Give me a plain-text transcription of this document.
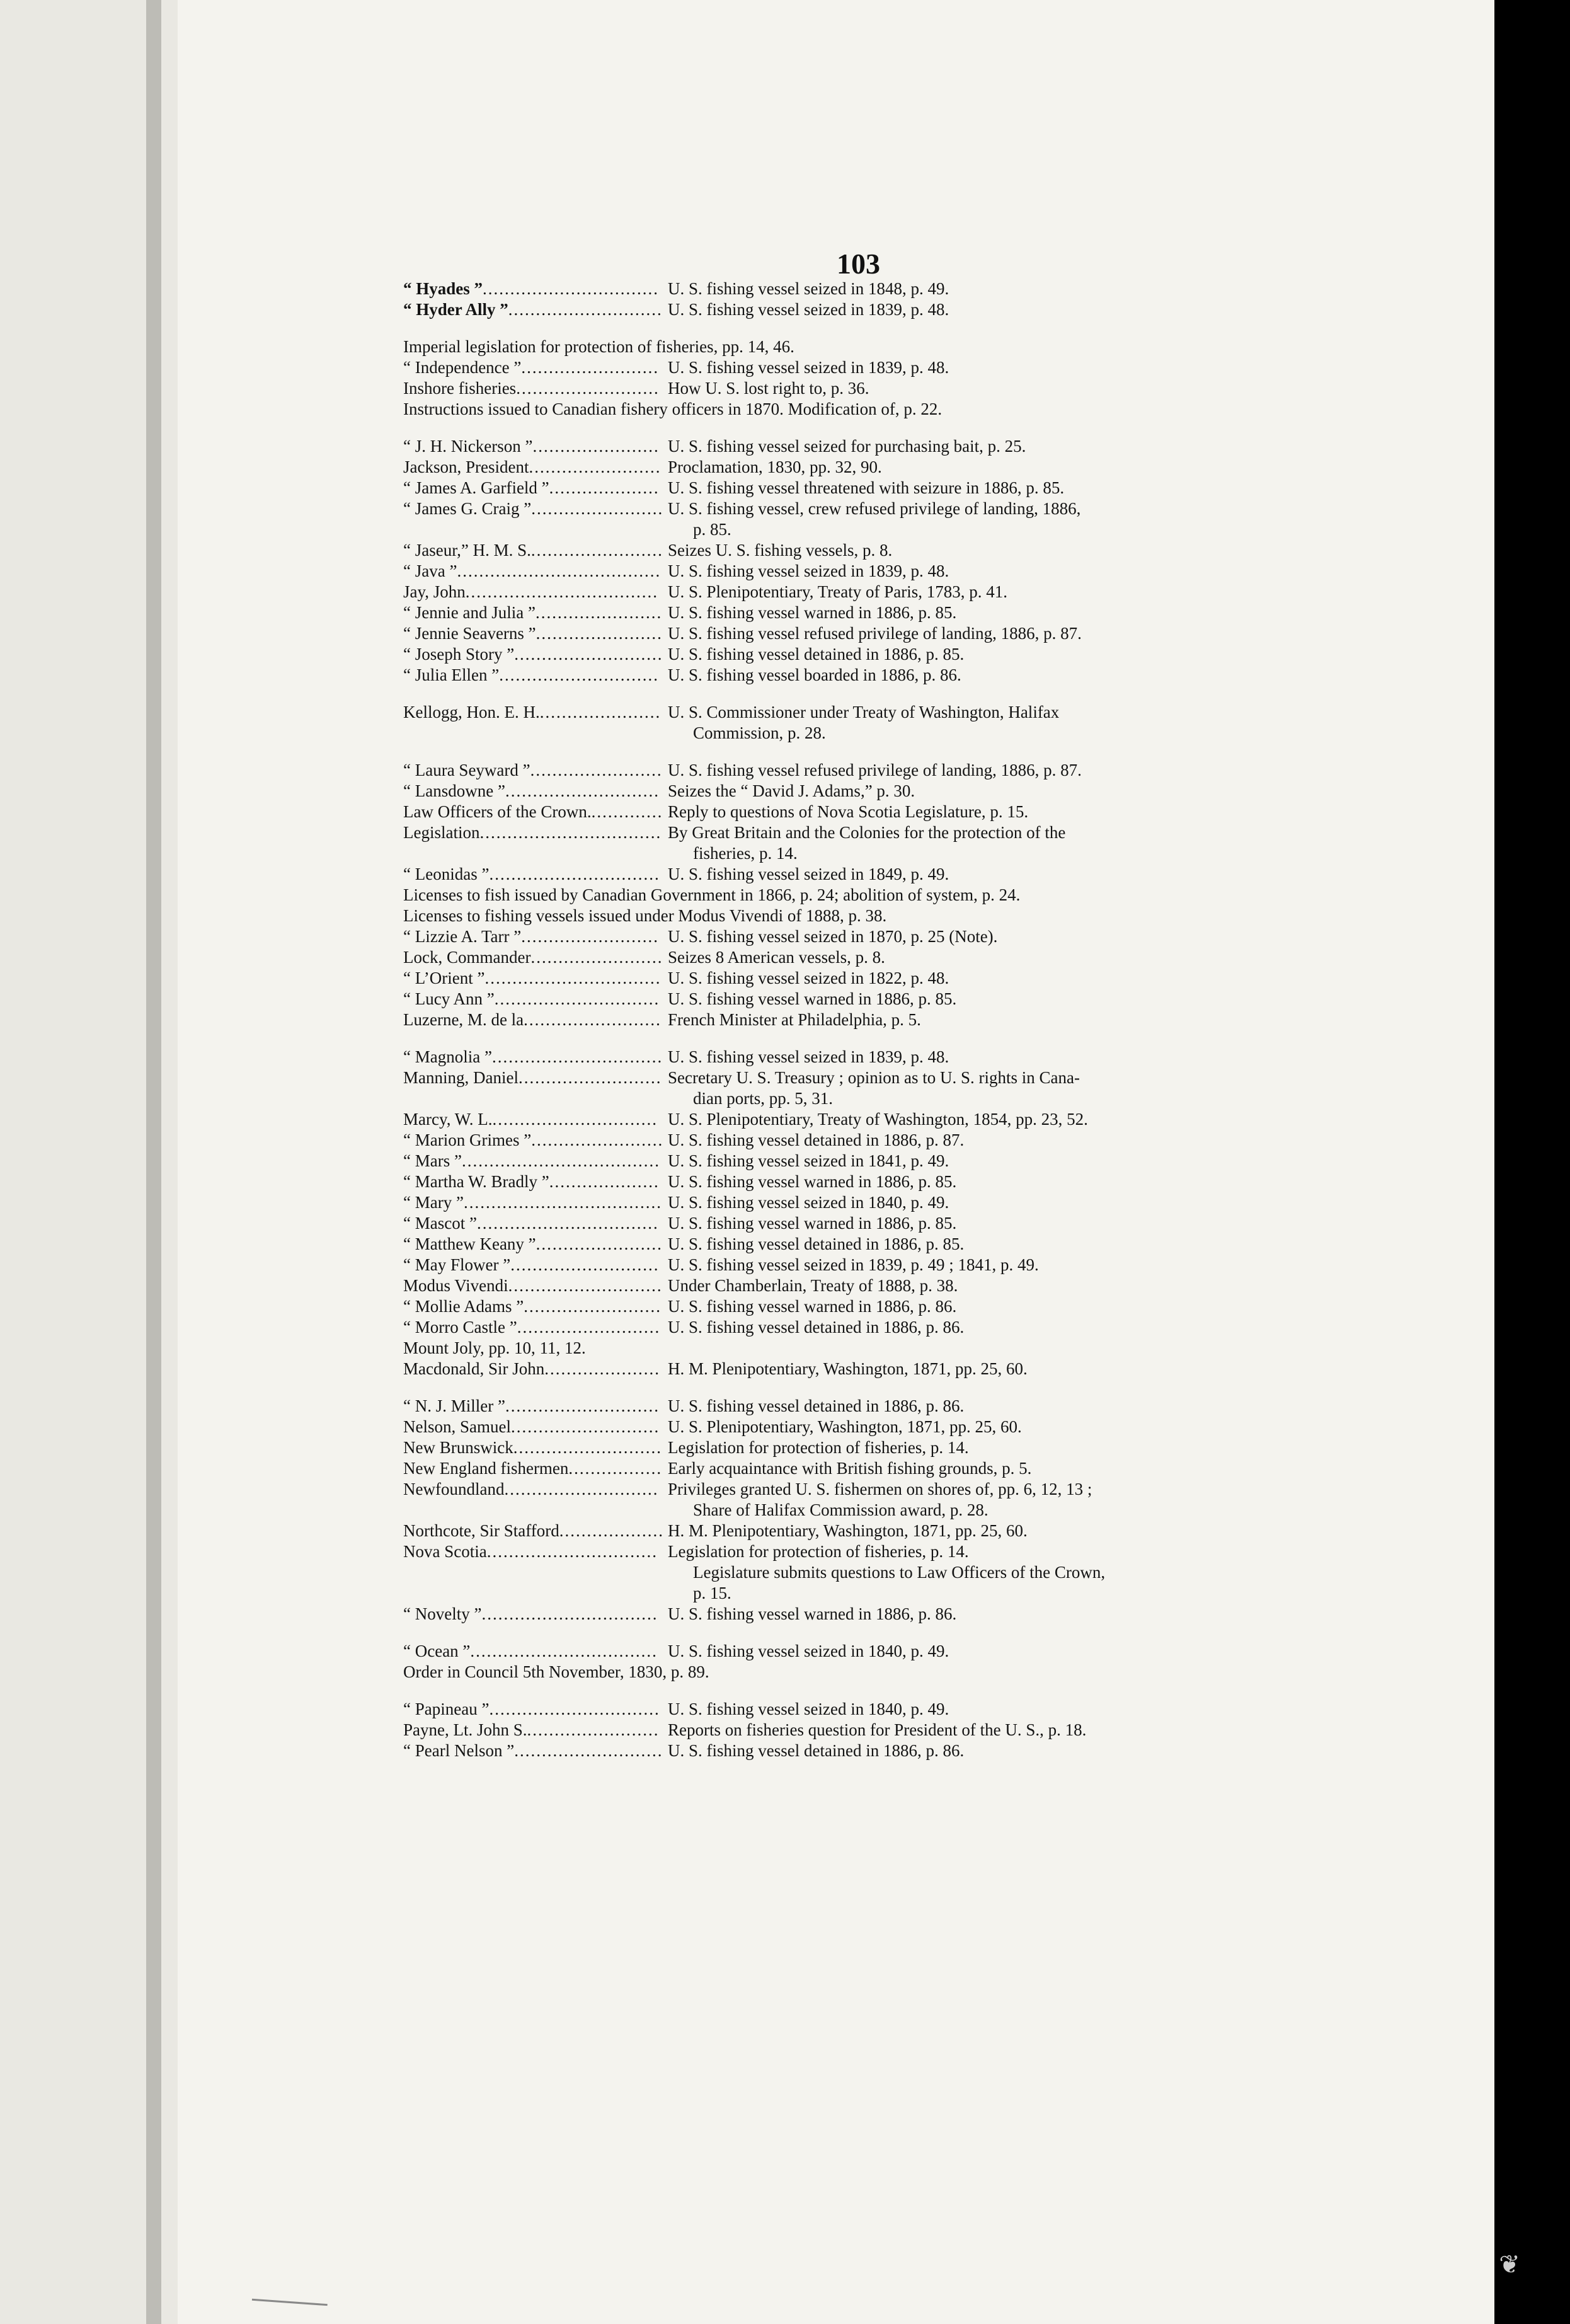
103
“ Hyades ” ................................ U. S. fishing vessel seized in 1848, p. 49.
“ Hyder Ally ” ............................ U. S. fishing vessel seized in 1839, p. 48.
Imperial legislation for protection of fisheries, pp. 14, 46.
“ Independence ” ......................... U. S. fishing vessel seized in 1839, p. 48.
Inshore fisheries .......................... How U. S. lost right to, p. 36.
Instructions issued to Canadian fishery officers in 1870. Modification of, p. 22.
“ J. H. Nickerson ” ....................... U. S. fishing vessel seized for purchasing bait, p. 25.
Jackson, President ........................ Proclamation, 1830, pp. 32, 90.
“ James A. Garfield ” .................... U. S. fishing vessel threatened with seizure in 1886, p. 85.
“ James G. Craig ” ........................ U. S. fishing vessel, crew refused privilege of landing, 1886,
p. 85.
“ Jaseur,” H. M. S. ........................ Seizes U. S. fishing vessels, p. 8.
“ Java ” ..................................... U. S. fishing vessel seized in 1839, p. 48.
Jay, John ................................... U. S. Plenipotentiary, Treaty of Paris, 1783, p. 41.
“ Jennie and Julia ” ....................... U. S. fishing vessel warned in 1886, p. 85.
“ Jennie Seaverns ” ....................... U. S. fishing vessel refused privilege of landing, 1886, p. 87.
“ Joseph Story ” ........................... U. S. fishing vessel detained in 1886, p. 85.
“ Julia Ellen ” ............................. U. S. fishing vessel boarded in 1886, p. 86.
Kellogg, Hon. E. H. ...................... U. S. Commissioner under Treaty of Washington, Halifax
Commission, p. 28.
“ Laura Seyward ” ........................ U. S. fishing vessel refused privilege of landing, 1886, p. 87.
“ Lansdowne ” ............................ Seizes the “ David J. Adams,” p. 30.
Law Officers of the Crown. ............. Reply to questions of Nova Scotia Legislature, p. 15.
Legislation ................................. By Great Britain and the Colonies for the protection of the
fisheries, p. 14.
“ Leonidas ” ............................... U. S. fishing vessel seized in 1849, p. 49.
Licenses to fish issued by Canadian Government in 1866, p. 24; abolition of system, p. 24.
Licenses to fishing vessels issued under Modus Vivendi of 1888, p. 38.
“ Lizzie A. Tarr ” ......................... U. S. fishing vessel seized in 1870, p. 25 (Note).
Lock, Commander ........................ Seizes 8 American vessels, p. 8.
“ L’Orient ” ................................ U. S. fishing vessel seized in 1822, p. 48.
“ Lucy Ann ” .............................. U. S. fishing vessel warned in 1886, p. 85.
Luzerne, M. de la ......................... French Minister at Philadelphia, p. 5.
“ Magnolia ” ............................... U. S. fishing vessel seized in 1839, p. 48.
Manning, Daniel .......................... Secretary U. S. Treasury ; opinion as to U. S. rights in Cana-
dian ports, pp. 5, 31.
Marcy, W. L. .............................. U. S. Plenipotentiary, Treaty of Washington, 1854, pp. 23, 52.
“ Marion Grimes ” ........................ U. S. fishing vessel detained in 1886, p. 87.
“ Mars ” .................................... U. S. fishing vessel seized in 1841, p. 49.
“ Martha W. Bradly ” .................... U. S. fishing vessel warned in 1886, p. 85.
“ Mary ” .................................... U. S. fishing vessel seized in 1840, p. 49.
“ Mascot ” ................................. U. S. fishing vessel warned in 1886, p. 85.
“ Matthew Keany ” ....................... U. S. fishing vessel detained in 1886, p. 85.
“ May Flower ” ........................... U. S. fishing vessel seized in 1839, p. 49 ; 1841, p. 49.
Modus Vivendi ............................ Under Chamberlain, Treaty of 1888, p. 38.
“ Mollie Adams ” ......................... U. S. fishing vessel warned in 1886, p. 86.
“ Morro Castle ” .......................... U. S. fishing vessel detained in 1886, p. 86.
Mount Joly, pp. 10, 11, 12.
Macdonald, Sir John ..................... H. M. Plenipotentiary, Washington, 1871, pp. 25, 60.
“ N. J. Miller ” ............................ U. S. fishing vessel detained in 1886, p. 86.
Nelson, Samuel ........................... U. S. Plenipotentiary, Washington, 1871, pp. 25, 60.
New Brunswick ........................... Legislation for protection of fisheries, p. 14.
New England fishermen ................. Early acquaintance with British fishing grounds, p. 5.
Newfoundland ............................ Privileges granted U. S. fishermen on shores of, pp. 6, 12, 13 ;
Share of Halifax Commission award, p. 28.
Northcote, Sir Stafford ................... H. M. Plenipotentiary, Washington, 1871, pp. 25, 60.
Nova Scotia ............................... Legislation for protection of fisheries, p. 14.
Legislature submits questions to Law Officers of the Crown,
p. 15.
“ Novelty ” ................................ U. S. fishing vessel warned in 1886, p. 86.
“ Ocean ” .................................. U. S. fishing vessel seized in 1840, p. 49.
Order in Council 5th November, 1830, p. 89.
“ Papineau ” ............................... U. S. fishing vessel seized in 1840, p. 49.
Payne, Lt. John S. ........................ Reports on fisheries question for President of the U. S., p. 18.
“ Pearl Nelson ” ........................... U. S. fishing vessel detained in 1886, p. 86.
❦
